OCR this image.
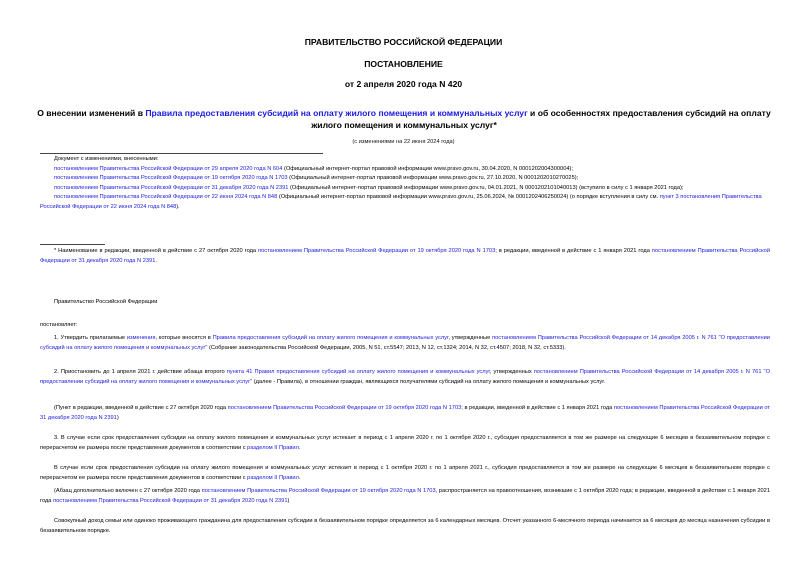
ПРАВИТЕЛЬСТВО РОССИЙСКОЙ ФЕДЕРАЦИИ
ПОСТАНОВЛЕНИЕ
от 2 апреля 2020 года N 420
О внесении изменений в Правила предоставления субсидий на оплату жилого помещения и коммунальных услуг и об особенностях предоставления субсидий на оплату жилого помещения и коммунальных услуг*
(с изменениями на 22 июня 2024 года)
Документ с изменениями, внесенными:
постановлением Правительства Российской Федерации от 29 апреля 2020 года N 604 (Официальный интернет-портал правовой информации www.pravo.gov.ru, 30.04.2020, N 0001202004300004);
постановлением Правительства Российской Федерации от 19 октября 2020 года N 1703 (Официальный интернет-портал правовой информации www.pravo.gov.ru, 27.10.2020, N 0001202010270025);
постановлением Правительства Российской Федерации от 31 декабря 2020 года N 2391 (Официальный интернет-портал правовой информации www.pravo.gov.ru, 04.01.2021, N 0001202101040013) (вступило в силу с 1 января 2021 года);
постановлением Правительства Российской Федерации от 22 июня 2024 года N 848 (Официальный интернет-портал правовой информации www.pravo.gov.ru, 25.06.2024, № 0001202406250024) (о порядке вступления в силу см. пункт 3 постановления Правительства Российской Федерации от 22 июня 2024 года N 848).
* Наименование в редакции, введенной в действие с 27 октября 2020 года постановлением Правительства Российской Федерации от 19 октября 2020 года N 1703; в редакции, введенной в действие с 1 января 2021 года постановлением Правительства Российской Федерации от 31 декабря 2020 года N 2391.
Правительство Российской Федерации
постановляет:
1. Утвердить прилагаемые изменения, которые вносятся в Правила предоставления субсидий на оплату жилого помещения и коммунальных услуг, утвержденные постановлением Правительства Российской Федерации от 14 декабря 2005 г. N 761 "О предоставлении субсидий на оплату жилого помещения и коммунальных услуг" (Собрание законодательства Российской Федерации, 2005, N 51, ст.5547; 2013, N 12, ст.1324; 2014, N 32, ст.4507; 2018, N 32, ст.5333).
2. Приостановить до 1 апреля 2021 г. действие абзаца второго пункта 41 Правил предоставления субсидий на оплату жилого помещения и коммунальных услуг, утвержденных постановлением Правительства Российской Федерации от 14 декабря 2005 г. N 761 "О предоставлении субсидий на оплату жилого помещения и коммунальных услуг" (далее - Правила), в отношении граждан, являющихся получателями субсидий на оплату жилого помещения и коммунальных услуг.
(Пункт в редакции, введенной в действие с 27 октября 2020 года постановлением Правительства Российской Федерации от 19 октября 2020 года N 1703; в редакции, введенной в действие с 1 января 2021 года постановлением Правительства Российской Федерации от 31 декабря 2020 года N 2391)
3. В случае если срок предоставления субсидии на оплату жилого помещения и коммунальных услуг истекает в период с 1 апреля 2020 г. по 1 октября 2020 г., субсидия предоставляется в том же размере на следующие 6 месяцев в беззаявительном порядке с перерасчетом ее размера после представления документов в соответствии с разделом II Правил.
В случае если срок предоставления субсидии на оплату жилого помещения и коммунальных услуг истекает в период с 1 октября 2020 г. по 1 апреля 2021 г., субсидия предоставляется в том же размере на следующие 6 месяцев в беззаявительном порядке с перерасчетом ее размера после представления документов в соответствии с разделом II Правил.
(Абзац дополнительно включен с 27 октября 2020 года постановлением Правительства Российской Федерации от 19 октября 2020 года N 1703, распространяется на правоотношения, возникшие с 1 октября 2020 года; в редакции, введенной в действие с 1 января 2021 года постановлением Правительства Российской Федерации от 31 декабря 2020 года N 2391)
Совокупный доход семьи или одиноко проживающего гражданина для предоставления субсидии в беззаявительном порядке определяется за 6 календарных месяцев. Отсчет указанного 6-месячного периода начинается за 6 месяцев до месяца назначения субсидии в беззаявительном порядке.
